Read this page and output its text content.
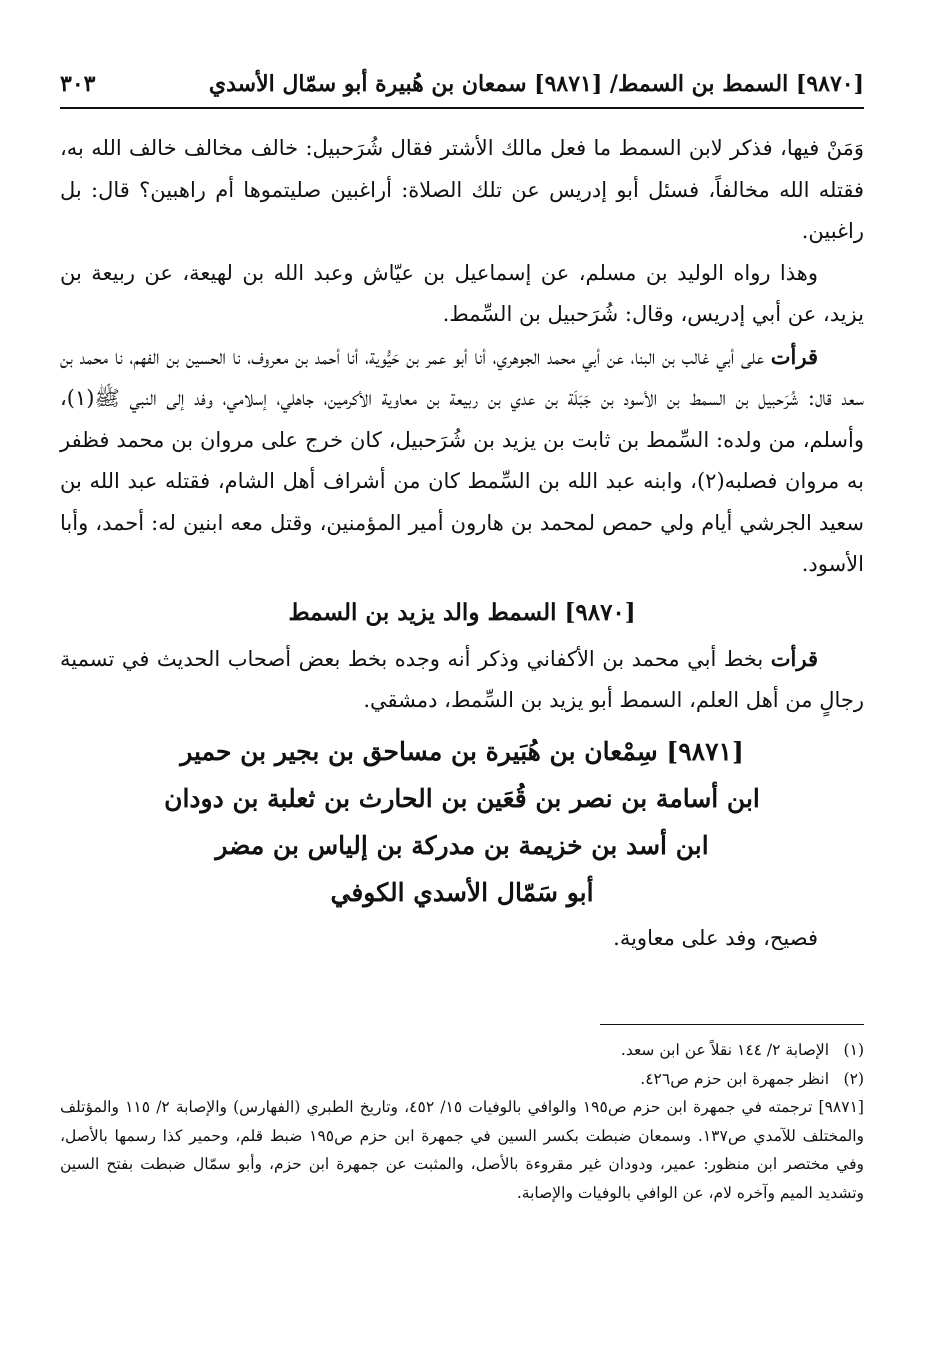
[٩٨٧٠] السمط بن السمط/ [٩٨٧١] سمعان بن هُبيرة أبو سمّال الأسدي
٣٠٣

وَمَنْ فيها، فذكر لابن السمط ما فعل مالك الأشتر فقال شُرَحبيل: خالف مخالف خالف الله به، فقتله الله مخالفاً، فسئل أبو إدريس عن تلك الصلاة: أراغبين صليتموها أم راهبين؟ قال: بل راغبين.

وهذا رواه الوليد بن مسلم، عن إسماعيل بن عيّاش وعبد الله بن لهيعة، عن ربيعة بن يزيد، عن أبي إدريس، وقال: شُرَحبيل بن السِّمط.

قرأت على أبي غالب بن البنا، عن أبي محمد الجوهري، أنا أبو عمر بن حَيُّوية، أنا أحمد بن معروف، نا الحسين بن الفهم، نا محمد بن سعد قال: شُرَحبيل بن السمط بن الأسود بن جَبَلَة بن عدي بن ربيعة بن معاوية الأكرمين، جاهلي، إسلامي، وفد إلى النبي ﷺ(١)، وأسلم، من ولده: السِّمط بن ثابت بن يزيد بن شُرَحبيل، كان خرج على مروان بن محمد فظفر به مروان فصلبه(٢)، وابنه عبد الله بن السِّمط كان من أشراف أهل الشام، فقتله عبد الله بن سعيد الجرشي أيام ولي حمص لمحمد بن هارون أمير المؤمنين، وقتل معه ابنين له: أحمد، وأبا الأسود.

[٩٨٧٠] السمط والد يزيد بن السمط

قرأت بخط أبي محمد بن الأكفاني وذكر أنه وجده بخط بعض أصحاب الحديث في تسمية رجالٍ من أهل العلم، السمط أبو يزيد بن السِّمط، دمشقي.

[٩٨٧١] سِمْعان بن هُبَيرة بن مساحق بن بجير بن حمير
ابن أسامة بن نصر بن قُعَين بن الحارث بن ثعلبة بن دودان
ابن أسد بن خزيمة بن مدركة بن إلياس بن مضر
أبو سَمّال الأسدي الكوفي

فصيح، وفد على معاوية.

(١) الإصابة ٢/ ١٤٤ نقلاً عن ابن سعد.

(٢) انظر جمهرة ابن حزم ص٤٢٦.

[٩٨٧١] ترجمته في جمهرة ابن حزم ص١٩٥ والوافي بالوفيات ١٥/ ٤٥٢، وتاريخ الطبري (الفهارس) والإصابة ٢/ ١١٥ والمؤتلف والمختلف للآمدي ص١٣٧. وسمعان ضبطت بكسر السين في جمهرة ابن حزم ص١٩٥ ضبط قلم، وحمير كذا رسمها بالأصل، وفي مختصر ابن منظور: عمير، ودودان غير مقروءة بالأصل، والمثبت عن جمهرة ابن حزم، وأبو سمّال ضبطت بفتح السين وتشديد الميم وآخره لام، عن الوافي بالوفيات والإصابة.
